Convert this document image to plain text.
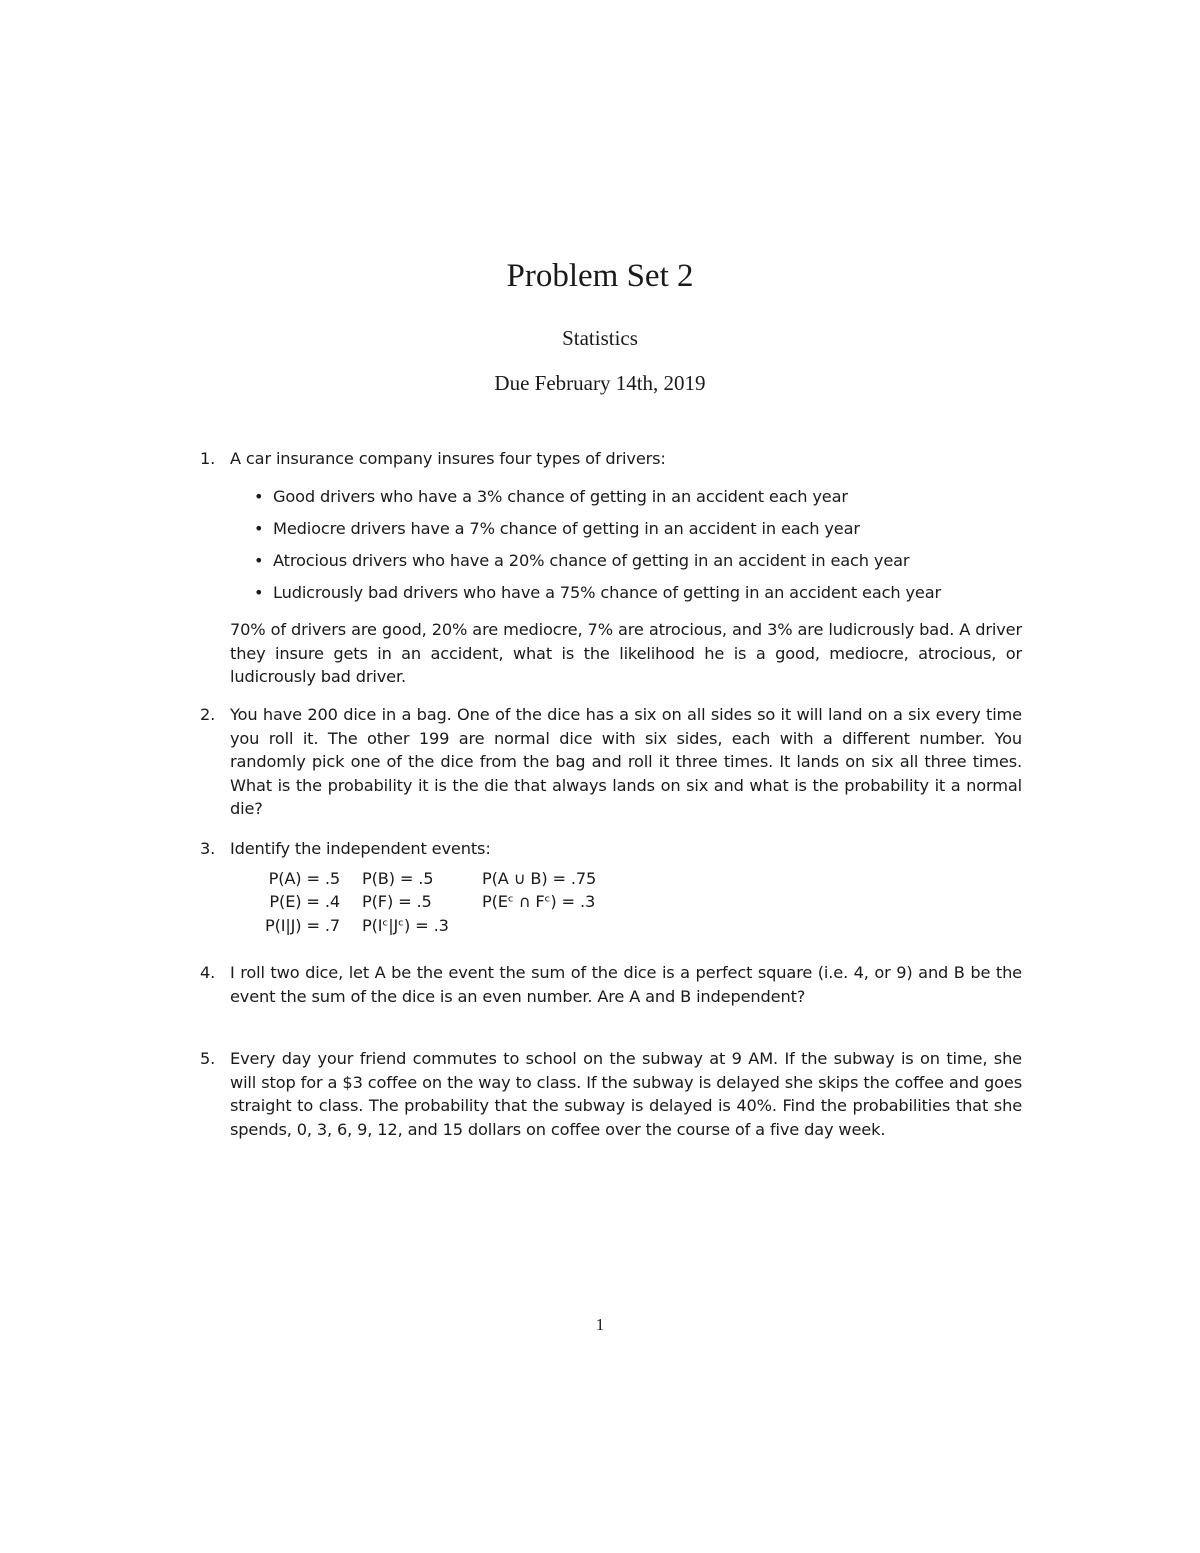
Problem Set 2
Statistics
Due February 14th, 2019
1. A car insurance company insures four types of drivers:

• Good drivers who have a 3% chance of getting in an accident each year
• Mediocre drivers have a 7% chance of getting in an accident in each year
• Atrocious drivers who have a 20% chance of getting in an accident in each year
• Ludicrously bad drivers who have a 75% chance of getting in an accident each year

70% of drivers are good, 20% are mediocre, 7% are atrocious, and 3% are ludicrously bad. A driver they insure gets in an accident, what is the likelihood he is a good, mediocre, atrocious, or ludicrously bad driver.

2. You have 200 dice in a bag. One of the dice has a six on all sides so it will land on a six every time you roll it. The other 199 are normal dice with six sides, each with a different number. You randomly pick one of the dice from the bag and roll it three times. It lands on six all three times. What is the probability it is the die that always lands on six and what is the probability it a normal die?

3. Identify the independent events:

P(A) = .5	P(B) = .5	P(A ∪ B) = .75
P(E) = .4	P(F) = .5	P(Eᶜ ∩ Fᶜ) = .3
P(I|J) = .7	P(Iᶜ|Jᶜ) = .3
4. I roll two dice, let A be the event the sum of the dice is a perfect square (i.e. 4, or 9) and B be the event the sum of the dice is an even number. Are A and B independent?

5. Every day your friend commutes to school on the subway at 9 AM. If the subway is on time, she will stop for a $3 coffee on the way to class. If the subway is delayed she skips the coffee and goes straight to class. The probability that the subway is delayed is 40%. Find the probabilities that she spends, 0, 3, 6, 9, 12, and 15 dollars on coffee over the course of a five day week.

1
